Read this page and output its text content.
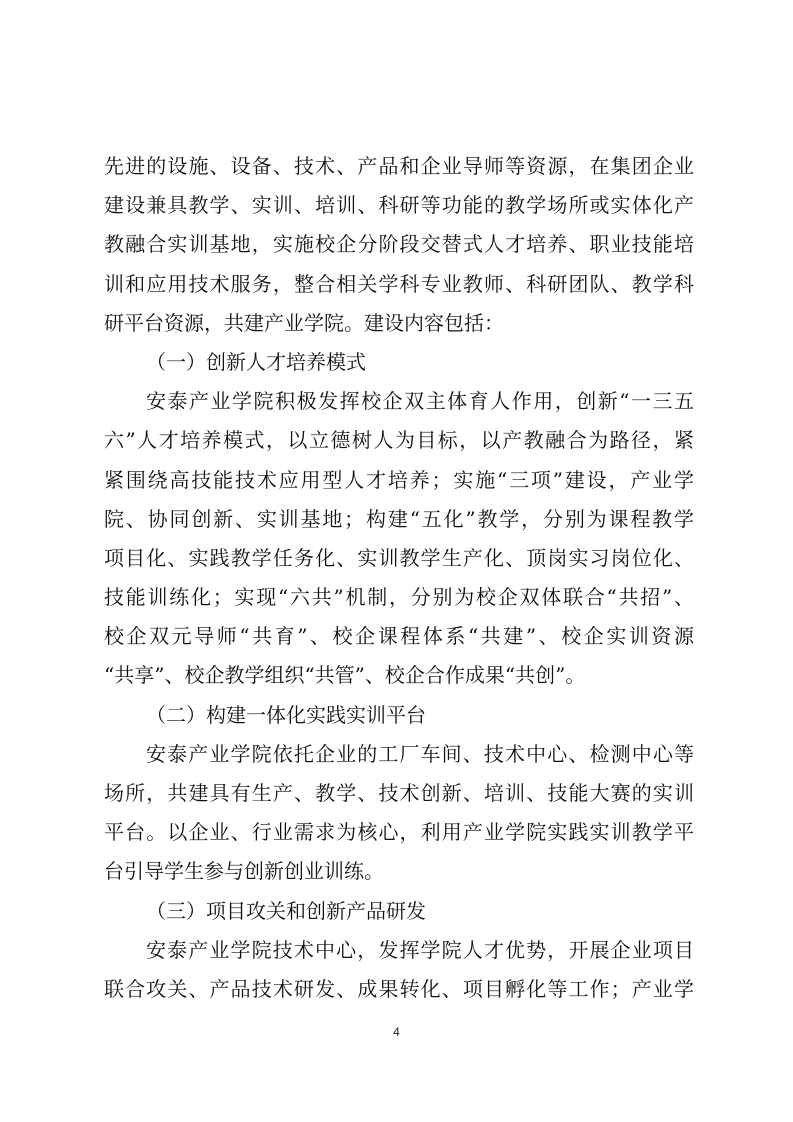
先进的设施、设备、技术、产品和企业导师等资源，在集团企业
建设兼具教学、实训、培训、科研等功能的教学场所或实体化产
教融合实训基地，实施校企分阶段交替式人才培养、职业技能培
训和应用技术服务，整合相关学科专业教师、科研团队、教学科
研平台资源，共建产业学院。建设内容包括：
（一）创新人才培养模式
安泰产业学院积极发挥校企双主体育人作用，创新“一三五
六”人才培养模式，以立德树人为目标，以产教融合为路径，紧
紧围绕高技能技术应用型人才培养；实施“三项”建设，产业学
院、协同创新、实训基地；构建“五化”教学，分别为课程教学
项目化、实践教学任务化、实训教学生产化、顶岗实习岗位化、
技能训练化；实现“六共”机制，分别为校企双体联合“共招”、
校企双元导师“共育”、校企课程体系“共建”、校企实训资源
“共享”、校企教学组织“共管”、校企合作成果“共创”。
（二）构建一体化实践实训平台
安泰产业学院依托企业的工厂车间、技术中心、检测中心等
场所，共建具有生产、教学、技术创新、培训、技能大赛的实训
平台。以企业、行业需求为核心，利用产业学院实践实训教学平
台引导学生参与创新创业训练。
（三）项目攻关和创新产品研发
安泰产业学院技术中心，发挥学院人才优势，开展企业项目
联合攻关、产品技术研发、成果转化、项目孵化等工作；产业学
4
